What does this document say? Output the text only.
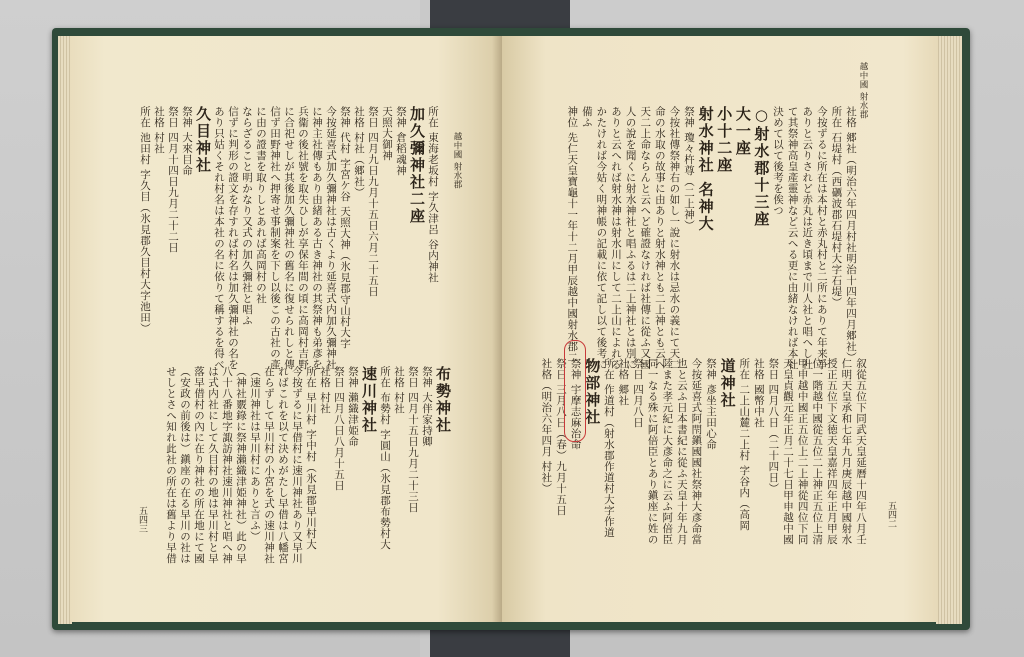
越中國 射水郡
所在 東海老坂村 字久津呂 谷内神社
加久彌神社二座
祭神 倉稻魂神
天照大御神
祭日 四月九日九月十五日六月二十五日
社格 村社（郷社）
祭神 代村 字宮ケ谷 天照大神（氷見郡守山村大字
今按延喜式加久彌神社は古くより延喜式内加久彌神社
に神主社傳もあり由緒ある古き神社の其祭神も弟彥を
兵衞の後社號を取失ひしが享保年間の頃に高岡村吉野
に合祀せしが其後加久彌神社の舊名に復せられしと傳
信ず田野神社へ押寄せ事制案を下し以後この古社の產
に由の證書を取りしとあれば高岡村の社
ならざること明かなり又式の加久彌社と唱ふ
信ずに判形の證文を存すれば村名は加久彌神社の名を
あり只姑くそれ村名は本社の名に依りて稱するを得べ
久目神社
祭神 大來目命
祭日 四月十四日九月二十二日
社格 村社
所在 池田村 字久目（氷見郡久目村大字池田）
布勢神社
祭神 大伴家持卿
祭日 四月十五日九月二十三日
社格 村社
所在 布勢村 字圓山（氷見郡布勢村大
速川神社
祭神 瀨織津姫命
祭日 四月八日八月十五日
社格 村社
所在 早川村 字中村（氷見郡早川村大
今按ずるに早借村に速川神社あり又早川
ればこれを以て決めがたし早借は八幡宮
在らずして早川村の小宮を式の速川神社
（速川神社は早川村にありと言ふ）
（神社覈錄に祭神瀨織津姫神社）此の早
八十八番地字諏訪神社速川神社と唱へ神
は式内社にして久目村の地は早川村と早
落早借村の內に在り神社の所在地にて國
（安政の前後は）鎭座の在る早川の社は
せしとさへ知れ此社の所在は舊より早借
五四三
越中國 射水郡
社格 郷社（明治六年四月村社明治十四年四月郷社）
所在 石堤村（西礪波郡石堤村大字石堤）
今按ずるに所在は本村と赤丸村と二所にありて年来爭
ありと云りされど赤丸は近き頃まで川人社と唱へし社
て其祭神高皇產靈神など云へる更に由緒なければ本社
決めて以て後考を俟つ
○射水郡十三座
大一座
小十二座
射水神社 名神大
祭神 瓊々杵尊（二上神）
今按社傳祭神右の如し一說に射水は忌水の義にて天二
命の水取の故事に由ありと射水神とも二上神とも云へ
天二上命ならんと云へど確證なければ社傳に從ふ又國
人の說を聞くに射水神社と唱ふるは二上神社とは別に
ありと云へれば射水神は射水川にして二上山によれる
かたければ今姑く明神帳の記載に依て記し以て後考に
備ふ
神位 先仁天皇寶龜十一年十二月甲辰越中國射水郡二
叙從五位下同武天皇延曆十四年八月壬
仁明天皇承和七年九月庚辰越中國射水
授正五位下文徳天皇嘉祥四年正月甲辰
位一階越中國從五位二上神正五位上清
甲申越中國正五位上二上神從四位下同
天皇貞觀元年正月二十七日甲申越中國
祭日 四月八日（二十四日）
社格 國幣中社
所在 二上山麓二上村 字谷内（高岡
道神社
祭神 彥坐主田心命
今按延喜式阿閇鎭國國社祭神大彥命當
也と云ふ日本書紀に從ふ天皇十年九月
陸また孝元紀に大彥命之に云ふ阿倍臣
同一なる殊に阿倍臣とあり鎭座に姓の
祭日 四月八日
社格 郷社
所在 作道村（射水郡作道村大字作道
物部神社
祭神 宇摩志麻治命
祭日 三月八日（春）九月十五日
社格（明治六年四月 村社）
五四二
